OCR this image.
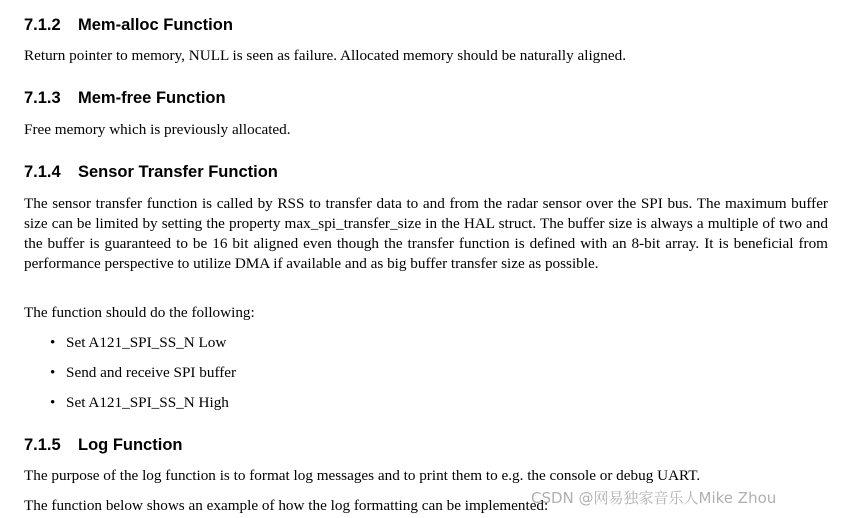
7.1.2 Mem-alloc Function

Return pointer to memory, NULL is seen as failure. Allocated memory should be naturally aligned.

7.1.3 Mem-free Function

Free memory which is previously allocated.

7.1.4 Sensor Transfer Function

The sensor transfer function is called by RSS to transfer data to and from the radar sensor over the SPI bus. The maximum buffer size can be limited by setting the property max_spi_transfer_size in the HAL struct. The buffer size is always a multiple of two and the buffer is guaranteed to be 16 bit aligned even though the transfer function is defined with an 8-bit array. It is beneficial from performance perspective to utilize DMA if available and as big buffer transfer size as possible.

The function should do the following:

• Set A121_SPI_SS_N Low
• Send and receive SPI buffer
• Set A121_SPI_SS_N High
7.1.5 Log Function

The purpose of the log function is to format log messages and to print them to e.g. the console or debug UART.

The function below shows an example of how the log formatting can be implemented:

CSDN @网易独家音乐人Mike Zhou
